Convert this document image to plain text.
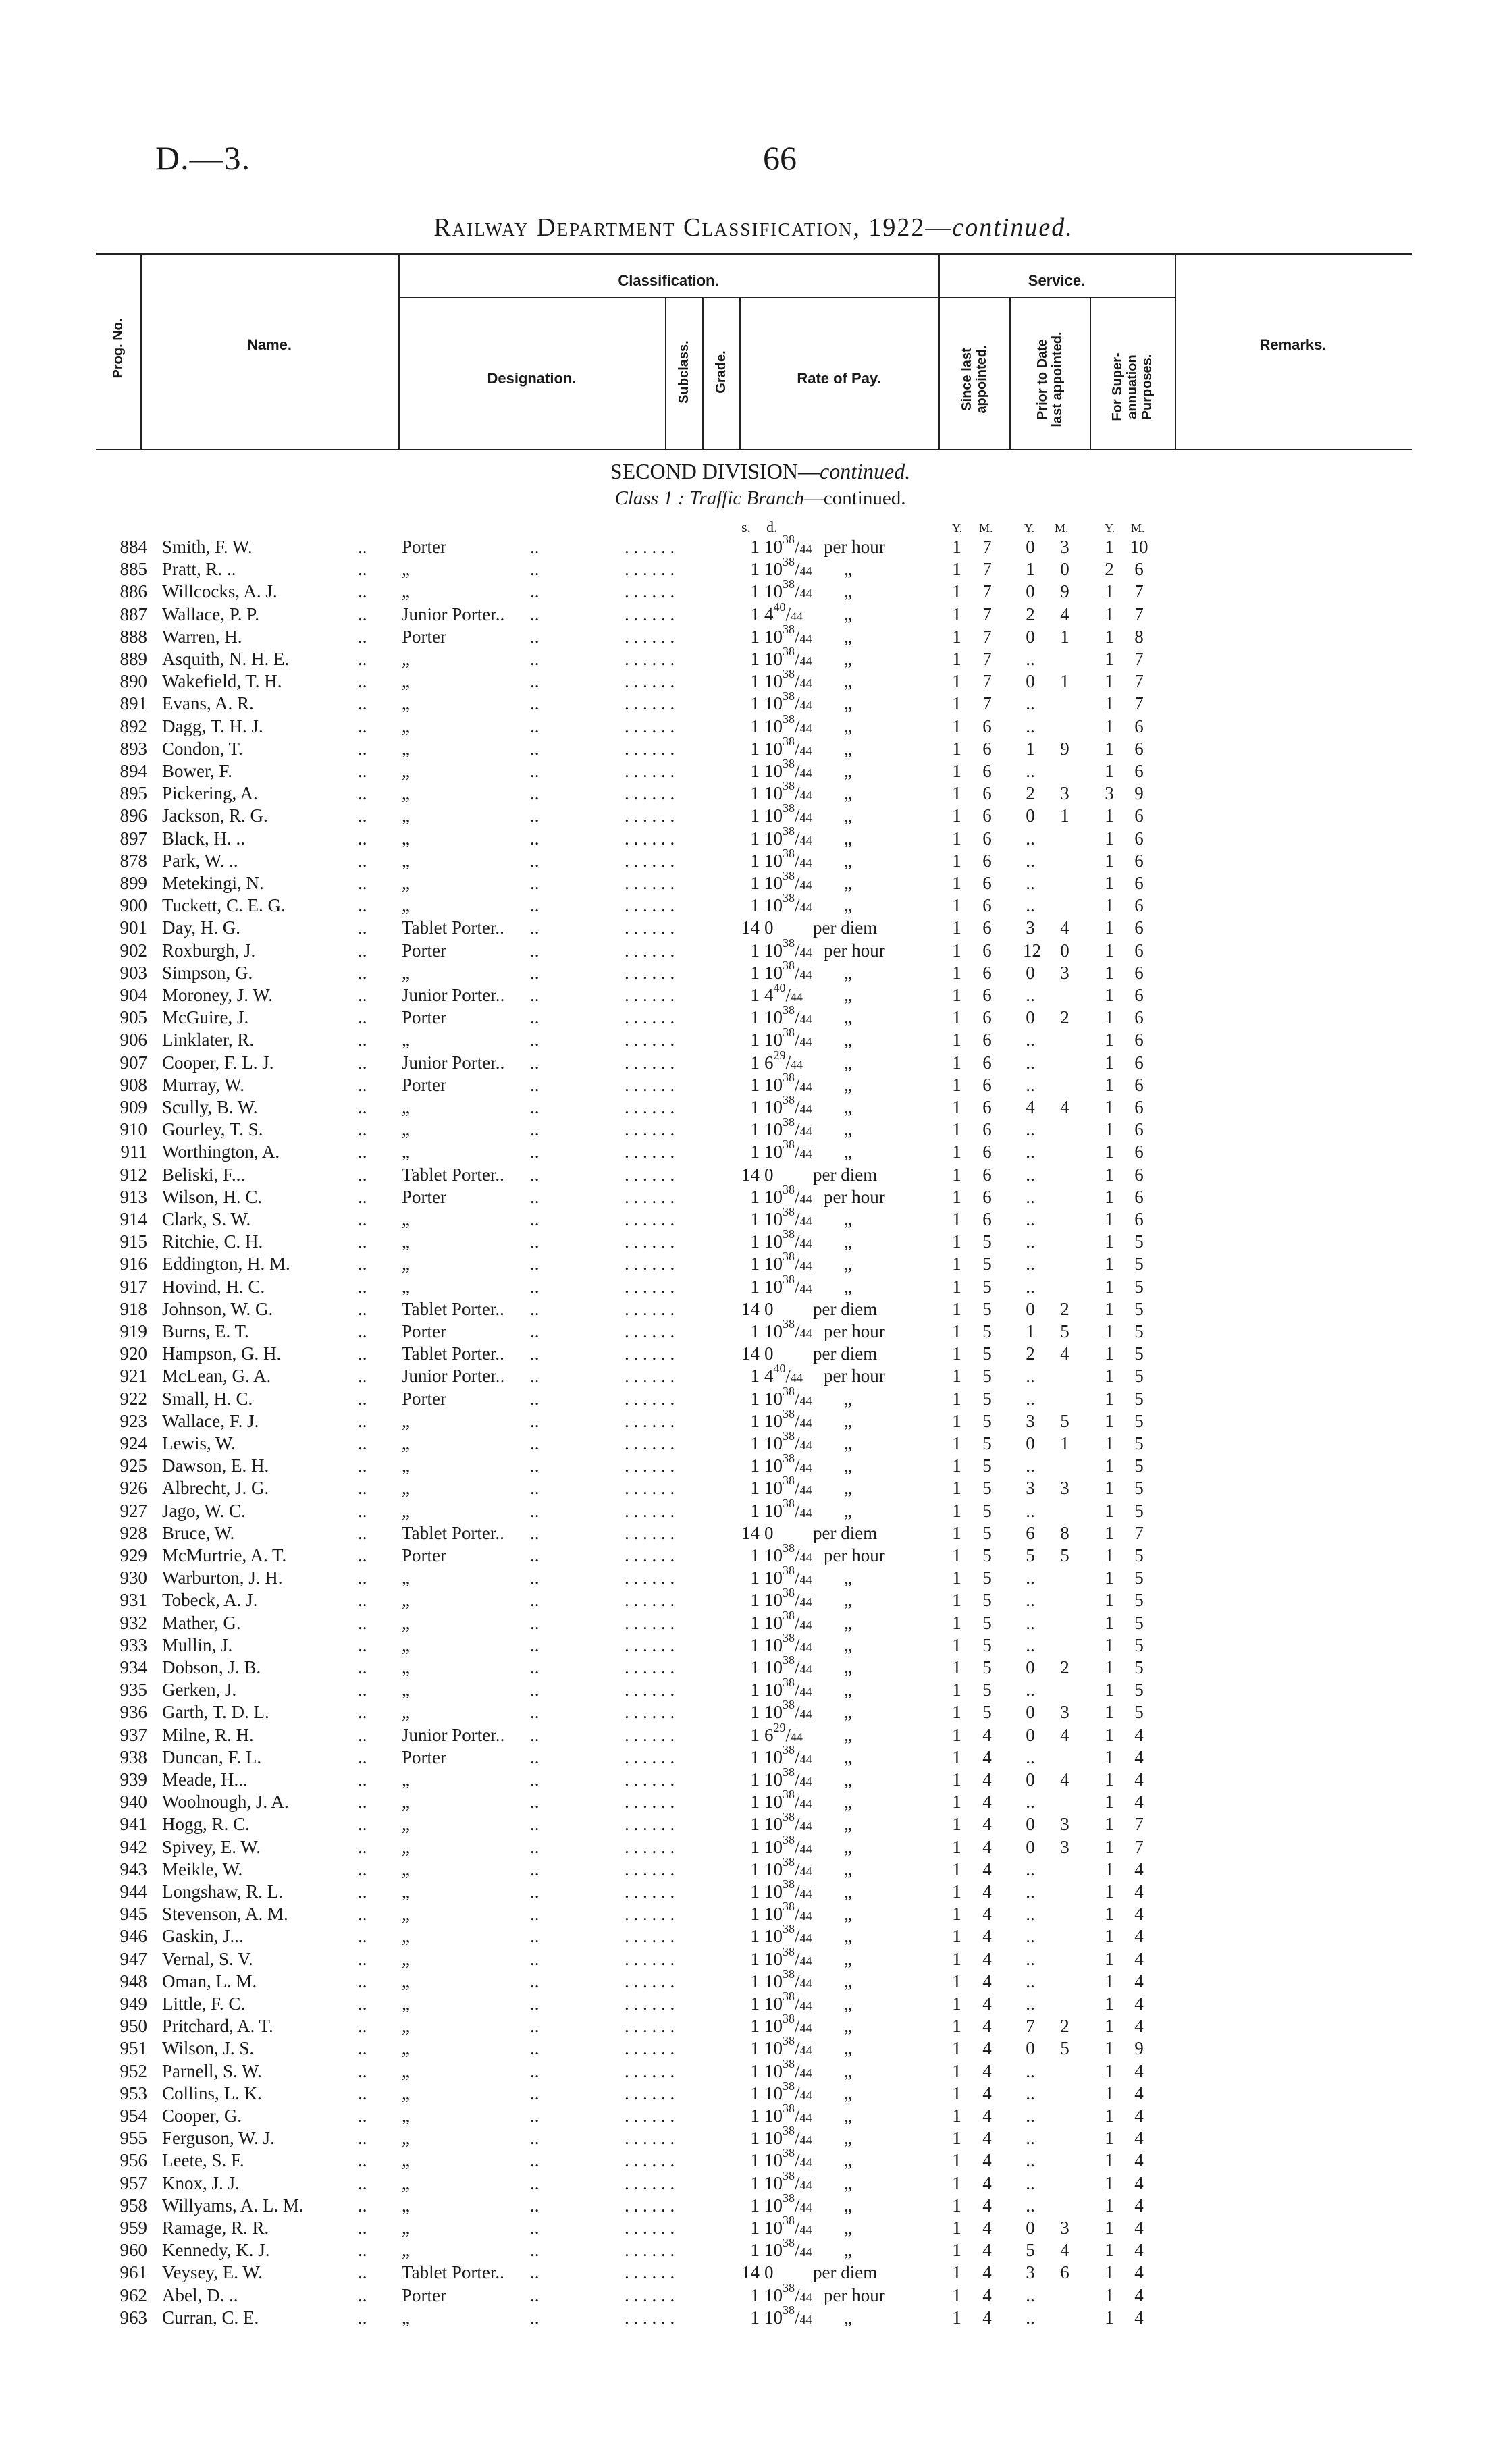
D.—3.	66
Railway Department Classification, 1922—continued.
Prog. No.	Name.
Classification.
Designation.	Subclass. Grade.	Rate of Pay.
Service.
Since last appointed.	Prior to Date last appointed.	For Super-annuation Purposes.
Remarks.
SECOND DIVISION—continued.
Class 1 : Traffic Branch—continued.
s. d.	Y. M.	Y. M.	Y. M.
884 Smith, F. W.	.. Porter	..	. . . . . .	1 $10^{38}/44$ per hour	1	7	0	3	1 10
885 Pratt, R. ..	.. „	..	. . . . . .	1 $10^{38}/44$ „	1	7	1	0	2	6
886 Willcocks, A. J.	.. „	..	. . . . . .	1 $10^{38}/44$ „	1	7	0	9	1	7
887 Wallace, P. P.	.. Junior Porter.. ..	. . . . . .	1 $4^{40}/44$ „	1	7	2	4	1	7
888 Warren, H.	.. Porter	..	. . . . . .	1 $10^{38}/44$ „	1	7	0	1	1	8
889 Asquith, N. H. E.	.. „	..	. . . . . .	1 $10^{38}/44$ „	1	7	..	1	7
890 Wakefield, T. H.	.. „	..	. . . . . .	1 $10^{38}/44$ „	1	7	0	1	1	7
891 Evans, A. R.	.. „	..	. . . . . .	1 $10^{38}/44$ „	1	7	..	1	7
892 Dagg, T. H. J.	.. „	..	. . . . . .	1 $10^{38}/44$ „	1	6	..	1	6
893 Condon, T.	.. „	..	. . . . . .	1 $10^{38}/44$ „	1	6	1	9	1	6
894 Bower, F.	.. „	..	. . . . . .	1 $10^{38}/44$ „	1	6	..	1	6
895 Pickering, A.	.. „	..	. . . . . .	1 $10^{38}/44$ „	1	6	2	3	3	9
896 Jackson, R. G.	.. „	..	. . . . . .	1 $10^{38}/44$ „	1	6	0	1	1	6
897 Black, H. ..	.. „	..	. . . . . .	1 $10^{38}/44$ „	1	6	..	1	6
878 Park, W. ..	.. „	..	. . . . . .	1 $10^{38}/44$ „	1	6	..	1	6
899 Metekingi, N.	.. „	..	. . . . . .	1 $10^{38}/44$ „	1	6	..	1	6
900 Tuckett, C. E. G.	.. „	..	. . . . . .	1 $10^{38}/44$ „	1	6	..	1	6
901 Day, H. G.	.. Tablet Porter.. ..	. . . . . .	14 0 per diem	1	6	3	4	1	6
902 Roxburgh, J.	.. Porter	..	. . . . . .	1 $10^{38}/44$ per hour	1	6	12	0	1	6
903 Simpson, G.	.. „	..	. . . . . .	1 $10^{38}/44$ „	1	6	0	3	1	6
904 Moroney, J. W.	.. Junior Porter.. ..	. . . . . .	1 $4^{40}/44$ „	1	6	..	1	6
905 McGuire, J.	.. Porter	..	. . . . . .	1 $10^{38}/44$ „	1	6	0	2	1	6
906 Linklater, R.	.. „	..	. . . . . .	1 $10^{38}/44$ „	1	6	..	1	6
907 Cooper, F. L. J.	.. Junior Porter.. ..	. . . . . .	1 $6^{29}/44$ „	1	6	..	1	6
908 Murray, W.	.. Porter	..	. . . . . .	1 $10^{38}/44$ „	1	6	..	1	6
909 Scully, B. W.	.. „	..	. . . . . .	1 $10^{38}/44$ „	1	6	4	4	1	6
910 Gourley, T. S.	.. „	..	. . . . . .	1 $10^{38}/44$ „	1	6	..	1	6
911 Worthington, A.	.. „	..	. . . . . .	1 $10^{38}/44$ „	1	6	..	1	6
912 Beliski, F...	.. Tablet Porter.. ..	. . . . . .	14 0 per diem	1	6	..	1	6
913 Wilson, H. C.	.. Porter	..	. . . . . .	1 $10^{38}/44$ per hour	1	6	..	1	6
914 Clark, S. W.	.. „	..	. . . . . .	1 $10^{38}/44$ „	1	6	..	1	6
915 Ritchie, C. H.	.. „	..	. . . . . .	1 $10^{38}/44$ „	1	5	..	1	5
916 Eddington, H. M.	.. „	..	. . . . . .	1 $10^{38}/44$ „	1	5	..	1	5
917 Hovind, H. C.	.. „	..	. . . . . .	1 $10^{38}/44$ „	1	5	..	1	5
918 Johnson, W. G.	.. Tablet Porter.. ..	. . . . . .	14 0 per diem	1	5	0	2	1	5
919 Burns, E. T.	.. Porter	..	. . . . . .	1 $10^{38}/44$ per hour	1	5	1	5	1	5
920 Hampson, G. H.	.. Tablet Porter.. ..	. . . . . .	14 0 per diem	1	5	2	4	1	5
921 McLean, G. A.	.. Junior Porter.. ..	. . . . . .	1 $4^{40}/44$ per hour	1	5	..	1	5
922 Small, H. C.	.. Porter	..	. . . . . .	1 $10^{38}/44$ „	1	5	..	1	5
923 Wallace, F. J.	.. „	..	. . . . . .	1 $10^{38}/44$ „	1	5	3	5	1	5
924 Lewis, W.	.. „	..	. . . . . .	1 $10^{38}/44$ „	1	5	0	1	1	5
925 Dawson, E. H.	.. „	..	. . . . . .	1 $10^{38}/44$ „	1	5	..	1	5
926 Albrecht, J. G.	.. „	..	. . . . . .	1 $10^{38}/44$ „	1	5	3	3	1	5
927 Jago, W. C.	.. „	..	. . . . . .	1 $10^{38}/44$ „	1	5	..	1	5
928 Bruce, W.	.. Tablet Porter.. ..	. . . . . .	14 0 per diem	1	5	6	8	1	7
929 McMurtrie, A. T.	.. Porter	..	. . . . . .	1 $10^{38}/44$ per hour	1	5	5	5	1	5
930 Warburton, J. H.	.. „	..	. . . . . .	1 $10^{38}/44$ „	1	5	..	1	5
931 Tobeck, A. J.	.. „	..	. . . . . .	1 $10^{38}/44$ „	1	5	..	1	5
932 Mather, G.	.. „	..	. . . . . .	1 $10^{38}/44$ „	1	5	..	1	5
933 Mullin, J.	.. „	..	. . . . . .	1 $10^{38}/44$ „	1	5	..	1	5
934 Dobson, J. B.	.. „	..	. . . . . .	1 $10^{38}/44$ „	1	5	0	2	1	5
935 Gerken, J.	.. „	..	. . . . . .	1 $10^{38}/44$ „	1	5	..	1	5
936 Garth, T. D. L.	.. „	..	. . . . . .	1 $10^{38}/44$ „	1	5	0	3	1	5
937 Milne, R. H.	.. Junior Porter.. ..	. . . . . .	1 $6^{29}/44$ „	1	4	0	4	1	4
938 Duncan, F. L.	.. Porter	..	. . . . . .	1 $10^{38}/44$ „	1	4	..	1	4
939 Meade, H...	.. „	..	. . . . . .	1 $10^{38}/44$ „	1	4	0	4	1	4
940 Woolnough, J. A.	.. „	..	. . . . . .	1 $10^{38}/44$ „	1	4	..	1	4
941 Hogg, R. C.	.. „	..	. . . . . .	1 $10^{38}/44$ „	1	4	0	3	1	7
942 Spivey, E. W.	.. „	..	. . . . . .	1 $10^{38}/44$ „	1	4	0	3	1	7
943 Meikle, W.	.. „	..	. . . . . .	1 $10^{38}/44$ „	1	4	..	1	4
944 Longshaw, R. L.	.. „	..	. . . . . .	1 $10^{38}/44$ „	1	4	..	1	4
945 Stevenson, A. M.	.. „	..	. . . . . .	1 $10^{38}/44$ „	1	4	..	1	4
946 Gaskin, J...	.. „	..	. . . . . .	1 $10^{38}/44$ „	1	4	..	1	4
947 Vernal, S. V.	.. „	..	. . . . . .	1 $10^{38}/44$ „	1	4	..	1	4
948 Oman, L. M.	.. „	..	. . . . . .	1 $10^{38}/44$ „	1	4	..	1	4
949 Little, F. C.	.. „	..	. . . . . .	1 $10^{38}/44$ „	1	4	..	1	4
950 Pritchard, A. T.	.. „	..	. . . . . .	1 $10^{38}/44$ „	1	4	7	2	1	4
951 Wilson, J. S.	.. „	..	. . . . . .	1 $10^{38}/44$ „	1	4	0	5	1	9
952 Parnell, S. W.	.. „	..	. . . . . .	1 $10^{38}/44$ „	1	4	..	1	4
953 Collins, L. K.	.. „	..	. . . . . .	1 $10^{38}/44$ „	1	4	..	1	4
954 Cooper, G.	.. „	..	. . . . . .	1 $10^{38}/44$ „	1	4	..	1	4
955 Ferguson, W. J.	.. „	..	. . . . . .	1 $10^{38}/44$ „	1	4	..	1	4
956 Leete, S. F.	.. „	..	. . . . . .	1 $10^{38}/44$ „	1	4	..	1	4
957 Knox, J. J.	.. „	..	. . . . . .	1 $10^{38}/44$ „	1	4	..	1	4
958 Willyams, A. L. M.	.. „	..	. . . . . .	1 $10^{38}/44$ „	1	4	..	1	4
959 Ramage, R. R.	.. „	..	. . . . . .	1 $10^{38}/44$ „	1	4	0	3	1	4
960 Kennedy, K. J.	.. „	..	. . . . . .	1 $10^{38}/44$ „	1	4	5	4	1	4
961 Veysey, E. W.	.. Tablet Porter.. ..	. . . . . .	14 0 per diem	1	4	3	6	1	4
962 Abel, D. ..	.. Porter	..	. . . . . .	1 $10^{38}/44$ per hour	1	4	..	1	4
963 Curran, C. E.	.. „	..	. . . . . .	1 $10^{38}/44$ „	1	4	..	1	4
